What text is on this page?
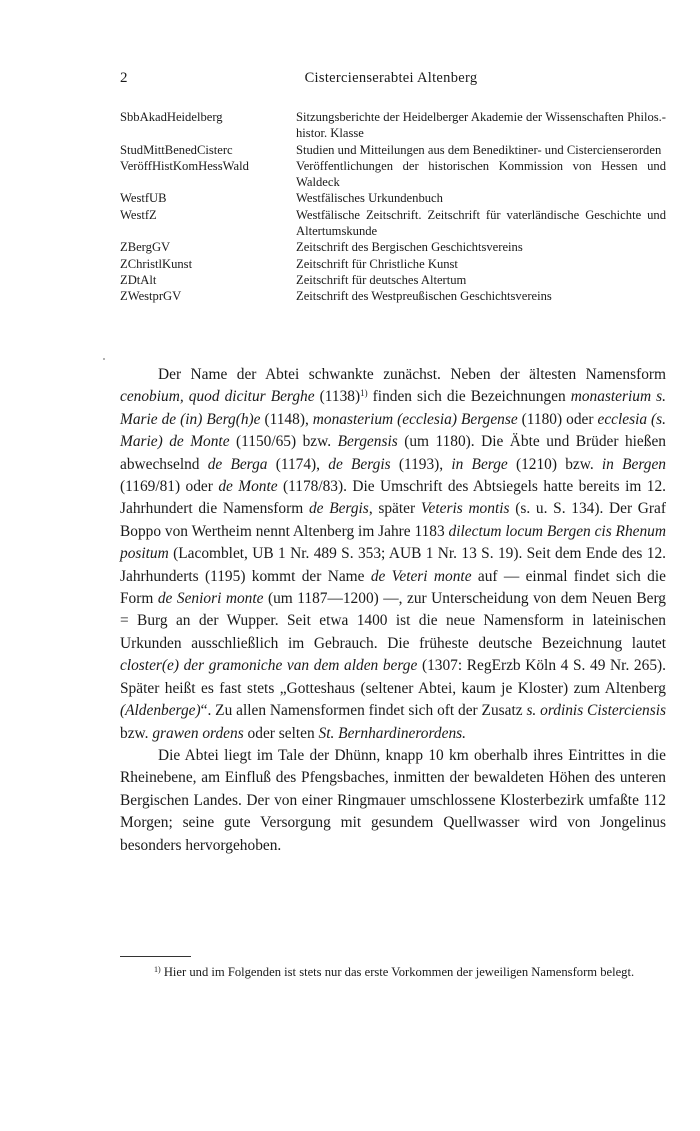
2	Cistercienserabtei Altenberg
SbbAkadHeidelberg	Sitzungsberichte der Heidelberger Akademie der Wissenschaften Philos.-histor. Klasse
StudMittBenedCisterc	Studien und Mitteilungen aus dem Benediktiner- und Cistercienserorden
VeröffHistKomHessWald	Veröffentlichungen der historischen Kommission von Hessen und Waldeck
WestfUB	Westfälisches Urkundenbuch
WestfZ	Westfälische Zeitschrift. Zeitschrift für vaterländische Geschichte und Altertumskunde
ZBergGV	Zeitschrift des Bergischen Geschichtsvereins
ZChristlKunst	Zeitschrift für Christliche Kunst
ZDtAlt	Zeitschrift für deutsches Altertum
ZWestprGV	Zeitschrift des Westpreußischen Geschichtsvereins

Der Name der Abtei schwankte zunächst. Neben der ältesten Namensform cenobium, quod dicitur Berghe $(1138)^{1)}$ finden sich die Bezeichnungen monasterium s. Marie de (in) Berg(h)e (1148), monasterium (ecclesia) Bergense (1180) oder ecclesia (s. Marie) de Monte (1150/65) bzw. Bergensis (um 1180). Die Äbte und Brüder hießen abwechselnd de Berga (1174), de Bergis (1193), in Berge (1210) bzw. in Bergen (1169/81) oder de Monte (1178/83). Die Umschrift des Abtsiegels hatte bereits im 12. Jahrhundert die Namensform de Bergis, später Veteris montis (s. u. S. 134). Der Graf Boppo von Wertheim nennt Altenberg im Jahre 1183 dilectum locum Bergen cis Rhenum positum (Lacomblet, UB 1 Nr. 489 S. 353; AUB 1 Nr. 13 S. 19). Seit dem Ende des 12. Jahrhunderts (1195) kommt der Name de Veteri monte auf — einmal findet sich die Form de Seniori monte (um 1187—1200) —, zur Unterscheidung von dem Neuen Berg = Burg an der Wupper. Seit etwa 1400 ist die neue Namensform in lateinischen Urkunden ausschließlich im Gebrauch. Die früheste deutsche Bezeichnung lautet closter(e) der gramoniche van dem alden berge (1307: RegErzb Köln 4 S. 49 Nr. 265). Später heißt es fast stets „Gotteshaus (seltener Abtei, kaum je Kloster) zum Altenberg (Aldenberge)“. Zu allen Namensformen findet sich oft der Zusatz s. ordinis Cisterciensis bzw. grawen ordens oder selten St. Bernhardinerordens.

Die Abtei liegt im Tale der Dhünn, knapp 10 km oberhalb ihres Eintrittes in die Rheinebene, am Einfluß des Pfengsbaches, inmitten der bewaldeten Höhen des unteren Bergischen Landes. Der von einer Ringmauer umschlossene Klosterbezirk umfaßte 112 Morgen; seine gute Versorgung mit gesundem Quellwasser wird von Jongelinus besonders hervorgehoben.

$^{1)}$ Hier und im Folgenden ist stets nur das erste Vorkommen der jeweiligen Namensform belegt.
